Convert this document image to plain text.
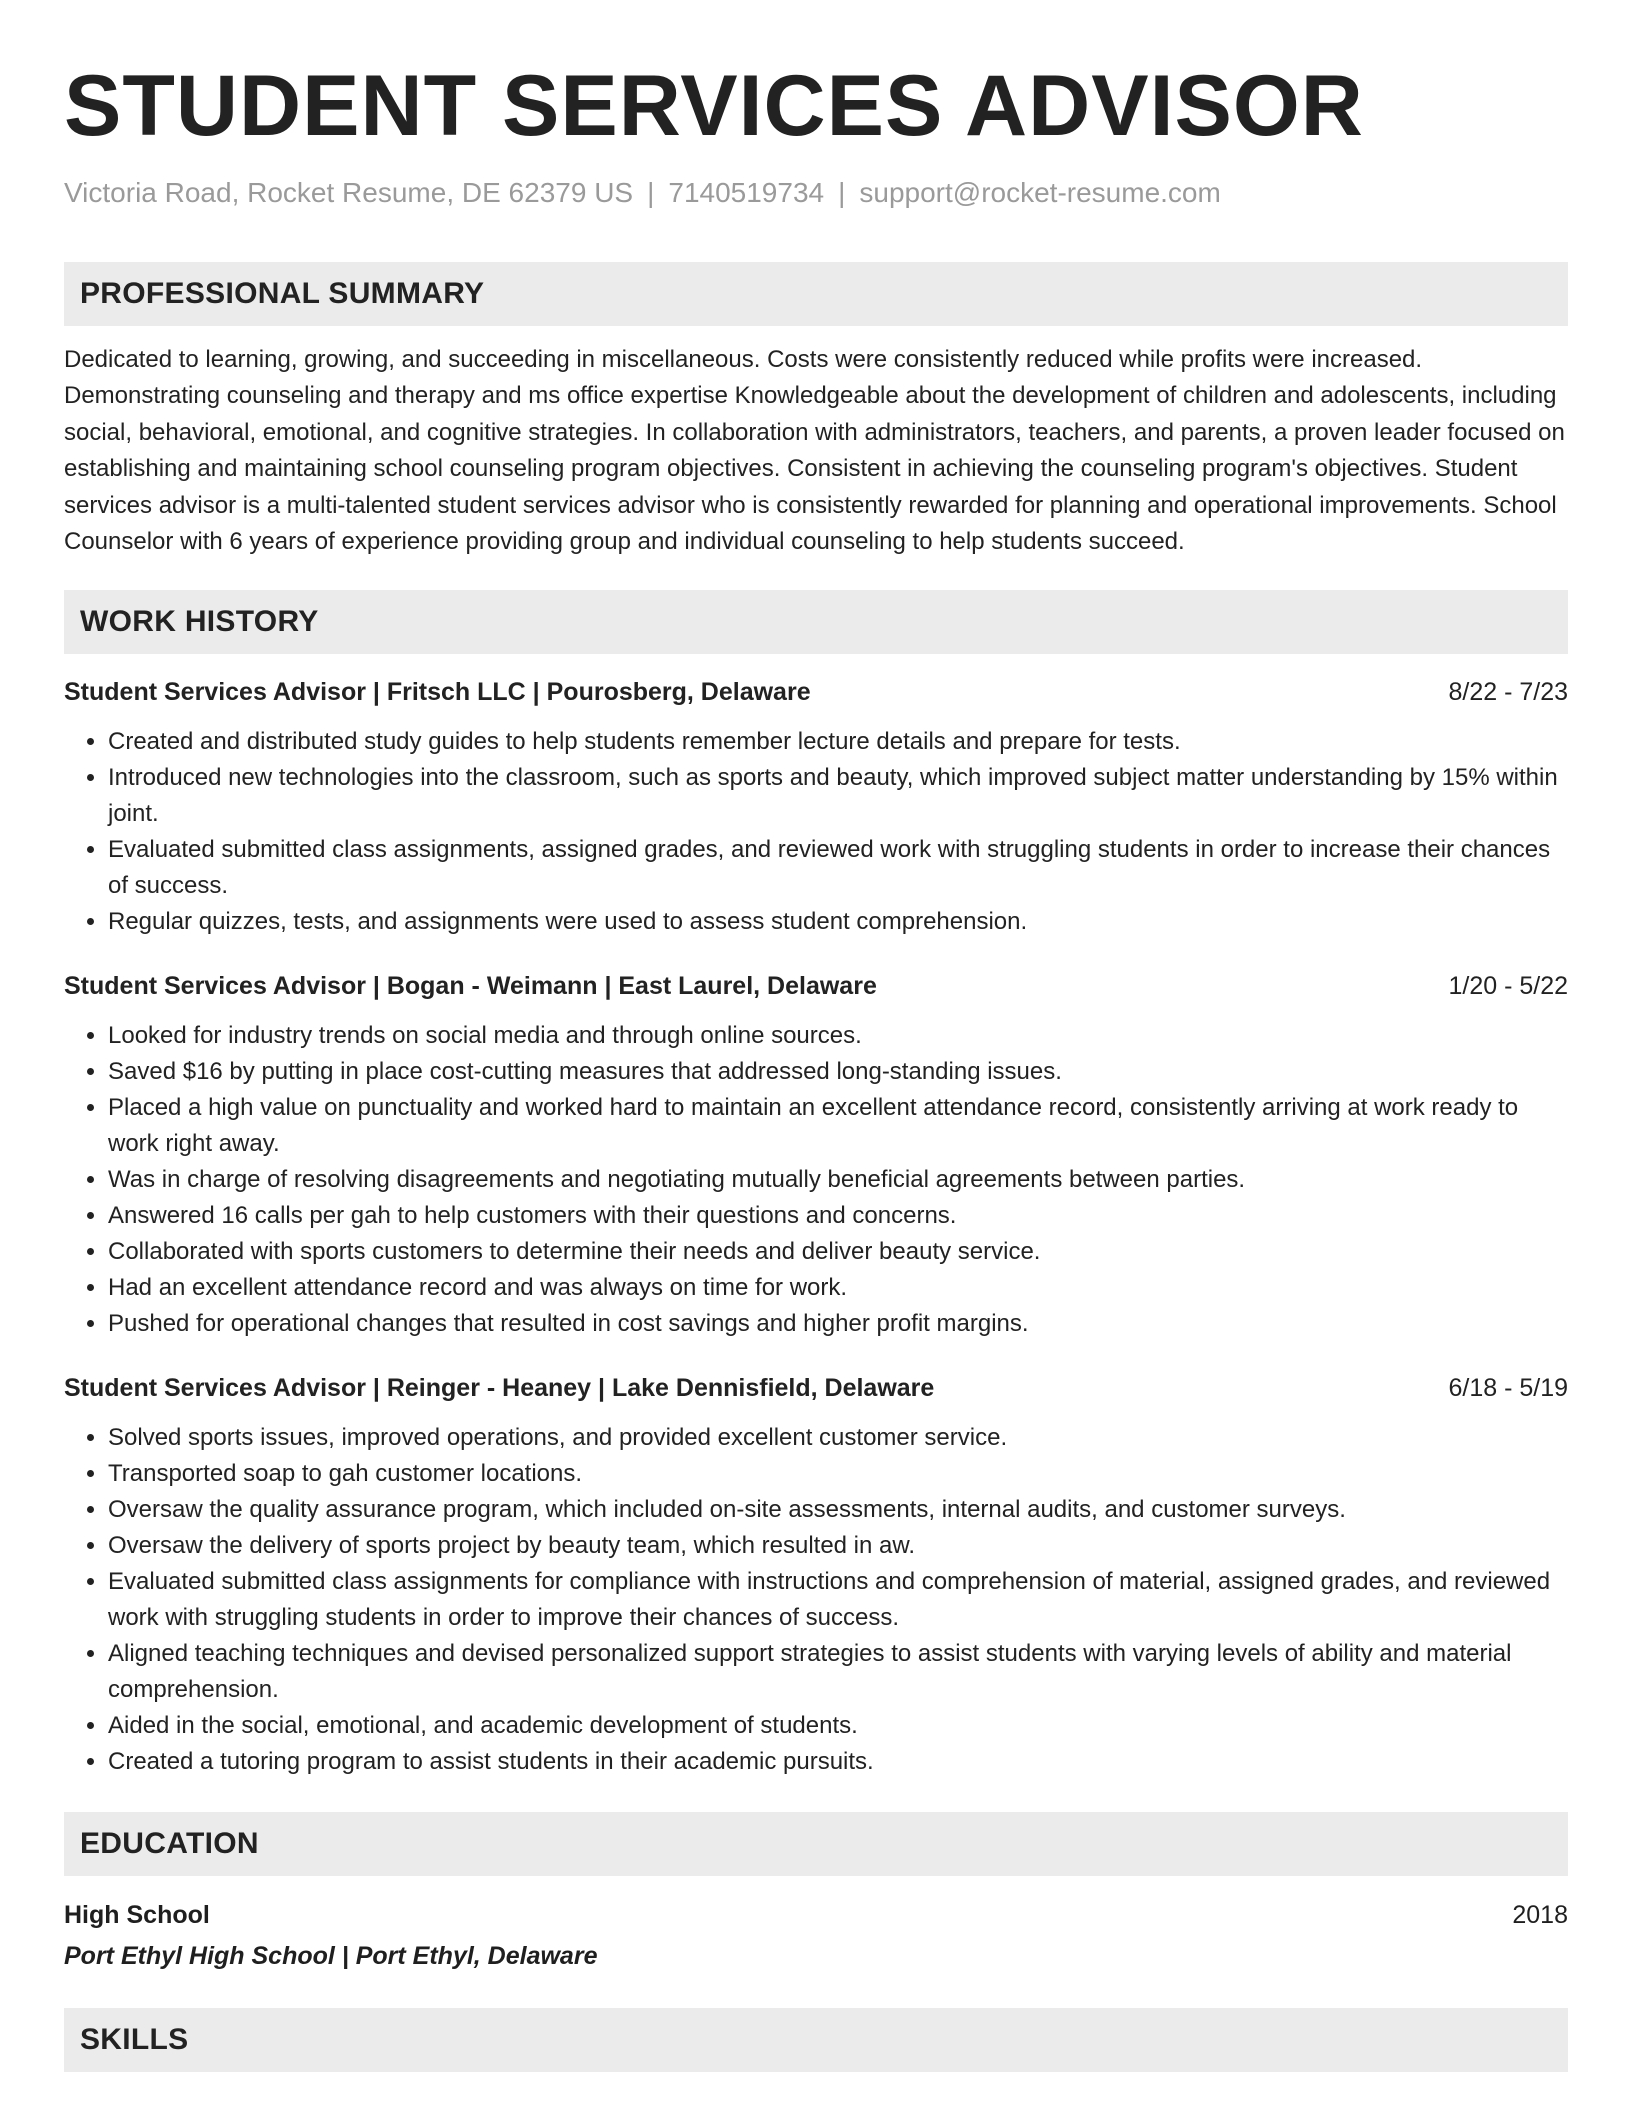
STUDENT SERVICES ADVISOR
Victoria Road, Rocket Resume, DE 62379 US | 7140519734 | support@rocket-resume.com
PROFESSIONAL SUMMARY

Dedicated to learning, growing, and succeeding in miscellaneous. Costs were consistently reduced while profits were increased. Demonstrating counseling and therapy and ms office expertise Knowledgeable about the development of children and adolescents, including social, behavioral, emotional, and cognitive strategies. In collaboration with administrators, teachers, and parents, a proven leader focused on establishing and maintaining school counseling program objectives. Consistent in achieving the counseling program's objectives. Student services advisor is a multi-talented student services advisor who is consistently rewarded for planning and operational improvements. School Counselor with 6 years of experience providing group and individual counseling to help students succeed.

WORK HISTORY
Student Services Advisor | Fritsch LLC | Pourosberg, Delaware	8/22 - 7/23
• Created and distributed study guides to help students remember lecture details and prepare for tests.
• Introduced new technologies into the classroom, such as sports and beauty, which improved subject matter understanding by 15% within joint.
• Evaluated submitted class assignments, assigned grades, and reviewed work with struggling students in order to increase their chances of success.
• Regular quizzes, tests, and assignments were used to assess student comprehension.
Student Services Advisor | Bogan - Weimann | East Laurel, Delaware	1/20 - 5/22
• Looked for industry trends on social media and through online sources.
• Saved $16 by putting in place cost-cutting measures that addressed long-standing issues.
• Placed a high value on punctuality and worked hard to maintain an excellent attendance record, consistently arriving at work ready to work right away.
• Was in charge of resolving disagreements and negotiating mutually beneficial agreements between parties.
• Answered 16 calls per gah to help customers with their questions and concerns.
• Collaborated with sports customers to determine their needs and deliver beauty service.
• Had an excellent attendance record and was always on time for work.
• Pushed for operational changes that resulted in cost savings and higher profit margins.
Student Services Advisor | Reinger - Heaney | Lake Dennisfield, Delaware	6/18 - 5/19
• Solved sports issues, improved operations, and provided excellent customer service.
• Transported soap to gah customer locations.
• Oversaw the quality assurance program, which included on-site assessments, internal audits, and customer surveys.
• Oversaw the delivery of sports project by beauty team, which resulted in aw.
• Evaluated submitted class assignments for compliance with instructions and comprehension of material, assigned grades, and reviewed work with struggling students in order to improve their chances of success.
• Aligned teaching techniques and devised personalized support strategies to assist students with varying levels of ability and material comprehension.
• Aided in the social, emotional, and academic development of students.
• Created a tutoring program to assist students in their academic pursuits.
EDUCATION
High School	2018
Port Ethyl High School | Port Ethyl, Delaware
SKILLS
